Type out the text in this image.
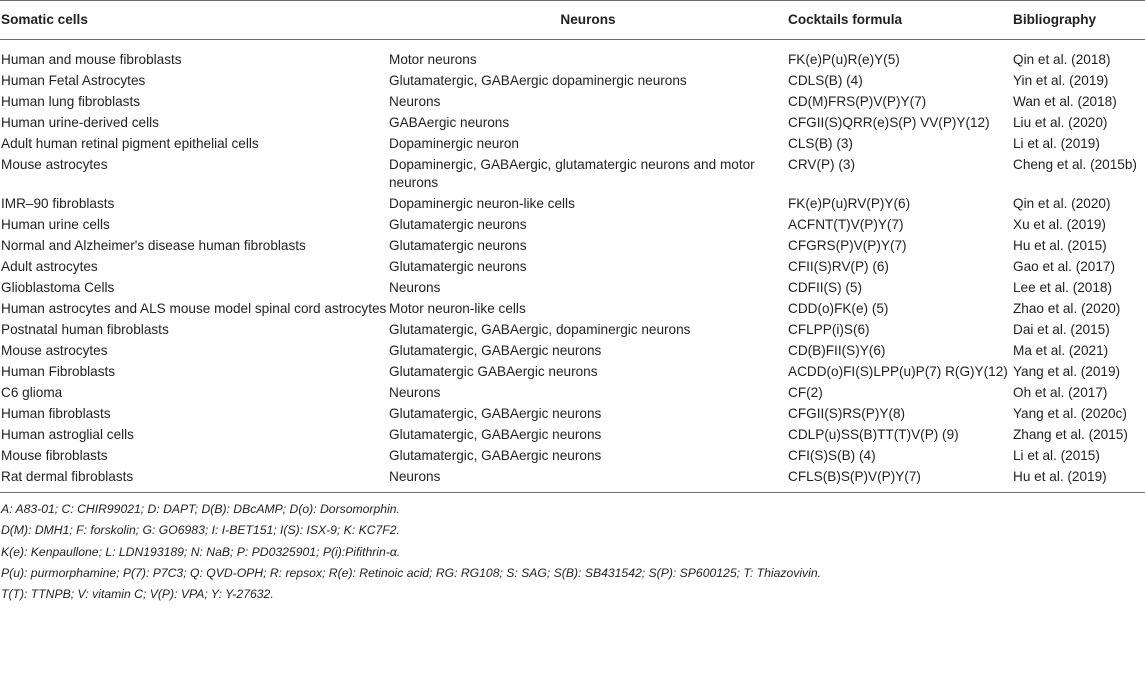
Somatic cells	Neurons	Cocktails formula	Bibliography
Human and mouse fibroblasts	Motor neurons	FK(e)P(u)R(e)Y(5)	Qin et al. (2018)
Human Fetal Astrocytes	Glutamatergic, GABAergic dopaminergic neurons	CDLS(B) (4)	Yin et al. (2019)
Human lung fibroblasts	Neurons	CD(M)FRS(P)V(P)Y(7)	Wan et al. (2018)
Human urine-derived cells	GABAergic neurons	CFGII(S)QRR(e)S(P) VV(P)Y(12)	Liu et al. (2020)
Adult human retinal pigment epithelial cells	Dopaminergic neuron	CLS(B) (3)	Li et al. (2019)
Mouse astrocytes	Dopaminergic, GABAergic, glutamatergic neurons and motor neurons	CRV(P) (3)	Cheng et al. (2015b)
IMR–90 fibroblasts	Dopaminergic neuron-like cells	FK(e)P(u)RV(P)Y(6)	Qin et al. (2020)
Human urine cells	Glutamatergic neurons	ACFNT(T)V(P)Y(7)	Xu et al. (2019)
Normal and Alzheimer's disease human fibroblasts	Glutamatergic neurons	CFGRS(P)V(P)Y(7)	Hu et al. (2015)
Adult astrocytes	Glutamatergic neurons	CFII(S)RV(P) (6)	Gao et al. (2017)
Glioblastoma Cells	Neurons	CDFII(S) (5)	Lee et al. (2018)
Human astrocytes and ALS mouse model spinal cord astrocytes	Motor neuron-like cells	CDD(o)FK(e) (5)	Zhao et al. (2020)
Postnatal human fibroblasts	Glutamatergic, GABAergic, dopaminergic neurons	CFLPP(i)S(6)	Dai et al. (2015)
Mouse astrocytes	Glutamatergic, GABAergic neurons	CD(B)FII(S)Y(6)	Ma et al. (2021)
Human Fibroblasts	Glutamatergic GABAergic neurons	ACDD(o)FI(S)LPP(u)P(7) R(G)Y(12)	Yang et al. (2019)
C6 glioma	Neurons	CF(2)	Oh et al. (2017)
Human fibroblasts	Glutamatergic, GABAergic neurons	CFGII(S)RS(P)Y(8)	Yang et al. (2020c)
Human astroglial cells	Glutamatergic, GABAergic neurons	CDLP(u)SS(B)TT(T)V(P) (9)	Zhang et al. (2015)
Mouse fibroblasts	Glutamatergic, GABAergic neurons	CFI(S)S(B) (4)	Li et al. (2015)
Rat dermal fibroblasts	Neurons	CFLS(B)S(P)V(P)Y(7)	Hu et al. (2019)
A: A83-01; C: CHIR99021; D: DAPT; D(B): DBcAMP; D(o): Dorsomorphin.
D(M): DMH1; F: forskolin; G: GO6983; I: I-BET151; I(S): ISX-9; K: KC7F2.
K(e): Kenpaullone; L: LDN193189; N: NaB; P: PD0325901; P(i):Pifithrin-α.
P(u): purmorphamine; P(7): P7C3; Q: QVD-OPH; R: repsox; R(e): Retinoic acid; RG: RG108; S: SAG; S(B): SB431542; S(P): SP600125; T: Thiazovivin.
T(T): TTNPB; V: vitamin C; V(P): VPA; Y: Y-27632.
